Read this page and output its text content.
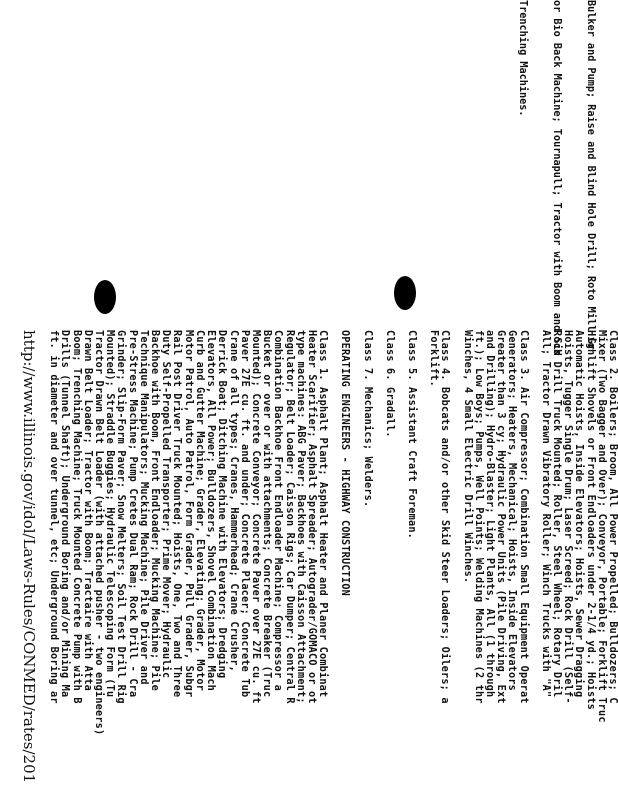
Bulker and Pump; Raise and Blind Hole Drill; Roto Mill Gr

or Bio Back Machine; Tournapull; Tractor with Boom and Sid

Trenching Machines.

Class 2. Boilers; Broom, All Power Propelled; Bulldozers; C
Mixer (Two Bagger and Over); Conveyor, Portable; Forklift Truc
Highlift Shovels or Front Endloaders under 2-1/4 yd.; Hoists
Automatic Hoists, Inside Elevators; Hoists, Sewer Dragging
Hoists, Tugger Single Drum; Laser Screed; Rock Drill (Self-
Rock Drill Truck Mounted; Roller, Steel Wheel; Rotary Dril
All; Tractor Drawn Vibratory Roller; Winch Trucks with "A"
Class 3. Air Compressor; Combination Small Equipment Operat
Generators; Heaters, Mechanical; Hoists, Inside Elevators
Greater than 3 cy; Hydraulic Power Units (Pile Driving, Ext
and Drilling); Hydro-Blaster; Light Plants, All (1 through
ft.); Low Boys; Pumps, Well Points; Welding Machines (2 thr
Winches, 4 Small Electric Drill Winches.
Class 4. Bobcats and/or other Skid Steer Loaders; Oilers; a
Forklift.
Class 5. Assistant Craft Foreman.
Class 6. Gradall.
Class 7. Mechanics; Welders.
OPERATING ENGINEERS - HIGHWAY CONSTRUCTION
Class 1. Asphalt Plant; Asphalt Heater and Planer Combinat
Heater Scarifier; Asphalt Spreader; Autograder/GOMACO or ot
type machines: ABG Paver; Backhoes with Caisson Attachment;
Regulator; Belt Loader; Caisson Rigs; Car Dumper; Central R
Combination Backhoe Front Endloader Machine; Compressor a
Bucket or over or with attachments; Concrete Breaker (Truc
Mounted); Concrete Conveyor; Concrete Paver over 27E cu. ft
Paver 27E cu. ft. and under; Concrete Placer; Concrete Tub
Crane of all types; Cranes, Hammerhead; Crane Crusher,
Derrick Boat; Ditching Machine with Elevators; Dredging
Elevators, All Power; Bulldozers, Shovel Combination Mach
Curb and Gutter Machine; Grader, Elevating; Grader, Motor
Motor Patrol, Auto Patrol, Form Grader, Pull Grader, Subgr
Rail Post Driver Truck Mounted; Hoists, One, Two and Three
Duty Self-Propelled Transporter; Prime Mover; Hydraulic
Backhoe with Boom, Front Endloader; Mucking Machine; Pile
Technique Manipulators; Mucking Machine; Pile Driver and
Pre-Stress Machine; Pump Cretes Dual Ram; Rock Drill - Cra
Grinder; Slip-Form Paver; Snow Melters; Soil Test Drill Rig
Mounted); Straddle Buggies; Hydraulic Telescoping Form (Tu
Tractor Drawn Belt Loader (with attached pusher - two engineers)
Drawn Belt Loader; Tractor with Boom; Tractaire with Atta
Boom; Trenching Machine; Truck Mounted Concrete Pump with B
Drills (Tunnel Shaft); Underground Boring and/or Mining Ma
ft. in diameter and over tunnel, etc; Underground Boring ar
http://www.illinois.gov/idol/Laws-Rules/CONMED/rates/201
